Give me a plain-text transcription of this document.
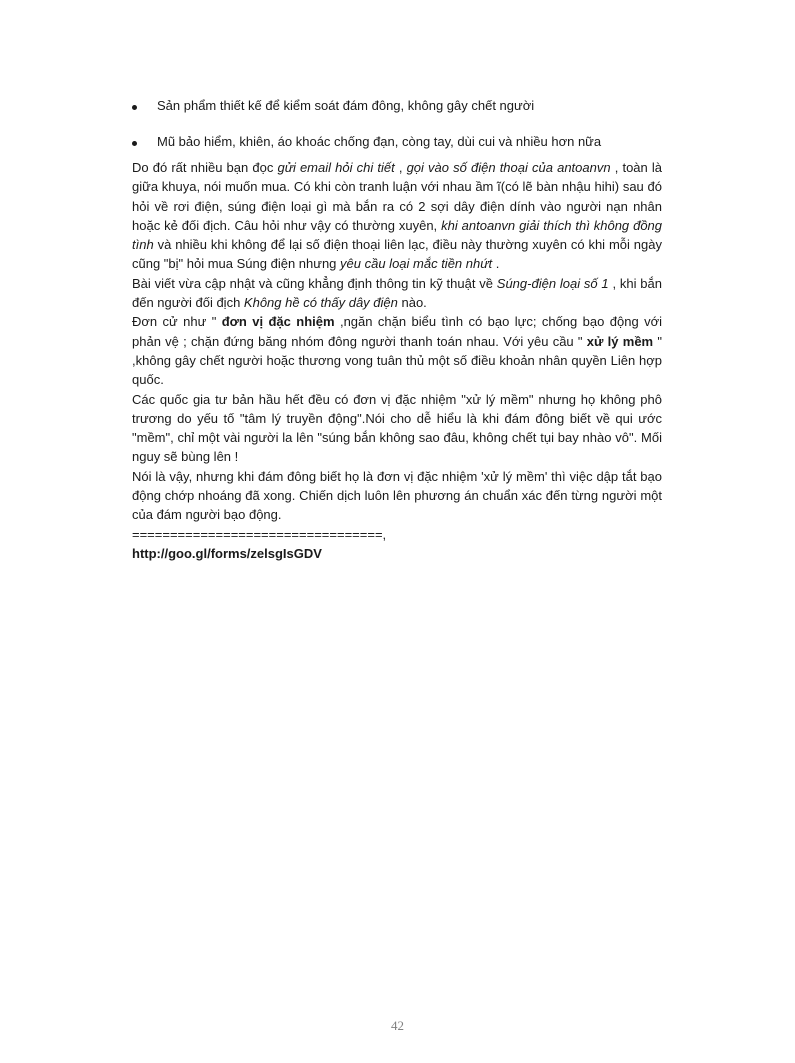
Sản phẩm thiết kế để kiểm soát đám đông, không gây chết người
Mũ bảo hiểm, khiên, áo khoác chống đạn, còng tay, dùi cui và nhiều hơn nữa

Do đó rất nhiều bạn đọc gửi email hỏi chi tiết , gọi vào số điện thoại của antoanvn , toàn là giữa khuya, nói muốn mua. Có khi còn tranh luận với nhau ầm ĩ(có lẽ bàn nhậu hihi) sau đó hỏi về rơi điện, súng điện loại gì mà bắn ra có 2 sợi dây điện dính vào người nạn nhân hoặc kẻ đối địch. Câu hỏi như vậy có thường xuyên, khi antoanvn giải thích thì không đồng tình và nhiều khi không để lại số điện thoại liên lạc, điều này thường xuyên có khi mỗi ngày cũng "bị" hỏi mua Súng điện nhưng yêu cầu loại mắc tiền nhứt .

Bài viết vừa cập nhật và cũng khẳng định thông tin kỹ thuật về Súng-điện loại số 1 , khi bắn đến người đối địch Không hề có thấy dây điện nào.

Đơn cử như " đơn vị đặc nhiệm ,ngăn chặn biểu tình có bạo lực; chống bạo động với phản vệ ; chặn đứng băng nhóm đông người thanh toán nhau. Với yêu cầu " xử lý mềm " ,không gây chết người hoặc thương vong tuân thủ một số điều khoản nhân quyền Liên hợp quốc.

Các quốc gia tư bản hầu hết đều có đơn vị đặc nhiệm "xử lý mềm" nhưng họ không phô trương do yếu tố "tâm lý truyền động".Nói cho dễ hiểu là khi đám đông biết về qui ước "mềm", chỉ một vài người la lên "súng bắn không sao đâu, không chết tụi bay nhào vô". Mối nguy sẽ bùng lên !

Nói là vậy, nhưng khi đám đông biết họ là đơn vị đặc nhiệm 'xử lý mềm' thì việc dập tắt bạo động chớp nhoáng đã xong. Chiến dịch luôn lên phương án chuẩn xác đến từng người một của đám người bạo động.

=================================,

http://goo.gl/forms/zelsgIsGDV

42
